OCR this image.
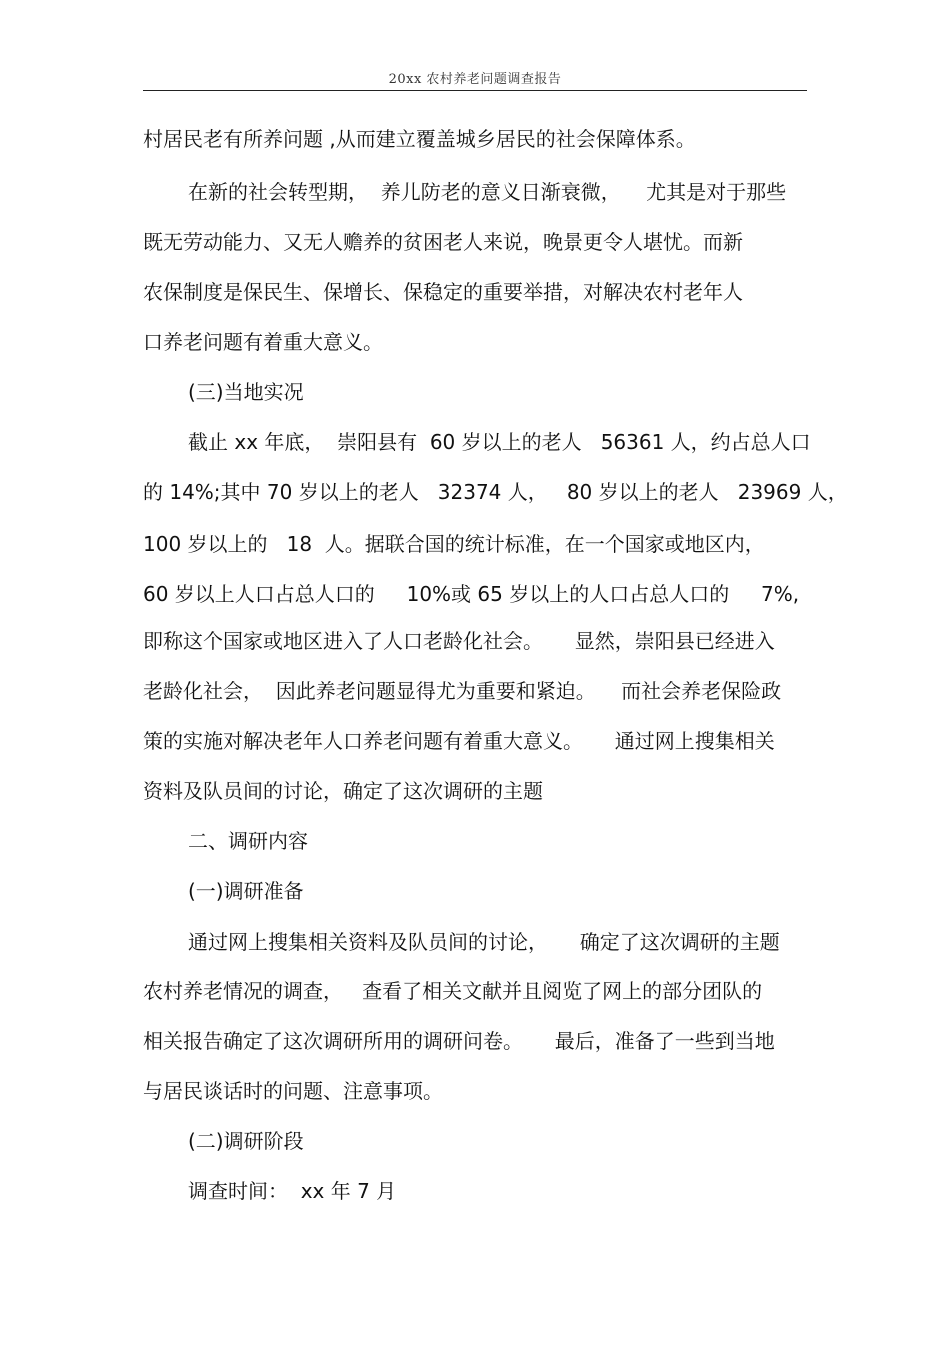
20xx 农村养老问题调查报告
村居民老有所养问题 ,从而建立覆盖城乡居民的社会保障体系。
在新的社会转型期，  养儿防老的意义日渐衰微，    尤其是对于那些
既无劳动能力、又无人赡养的贫困老人来说，晚景更令人堪忧。而新
农保制度是保民生、保增长、保稳定的重要举措，对解决农村老年人
口养老问题有着重大意义。
(三)当地实况
截止 xx 年底，  崇阳县有  60 岁以上的老人   56361 人，约占总人口
的 14%;其中 70 岁以上的老人   32374 人，   80 岁以上的老人   23969 人，
100 岁以上的   18  人。据联合国的统计标准，在一个国家或地区内，
60 岁以上人口占总人口的     10%或 65 岁以上的人口占总人口的     7%,
即称这个国家或地区进入了人口老龄化社会。     显然，崇阳县已经进入
老龄化社会，  因此养老问题显得尤为重要和紧迫。    而社会养老保险政
策的实施对解决老年人口养老问题有着重大意义。     通过网上搜集相关
资料及队员间的讨论，确定了这次调研的主题
二、调研内容
(一)调研准备
通过网上搜集相关资料及队员间的讨论，     确定了这次调研的主题
农村养老情况的调查，   查看了相关文献并且阅览了网上的部分团队的
相关报告确定了这次调研所用的调研问卷。     最后，准备了一些到当地
与居民谈话时的问题、注意事项。
(二)调研阶段
调查时间：  xx 年 7 月
